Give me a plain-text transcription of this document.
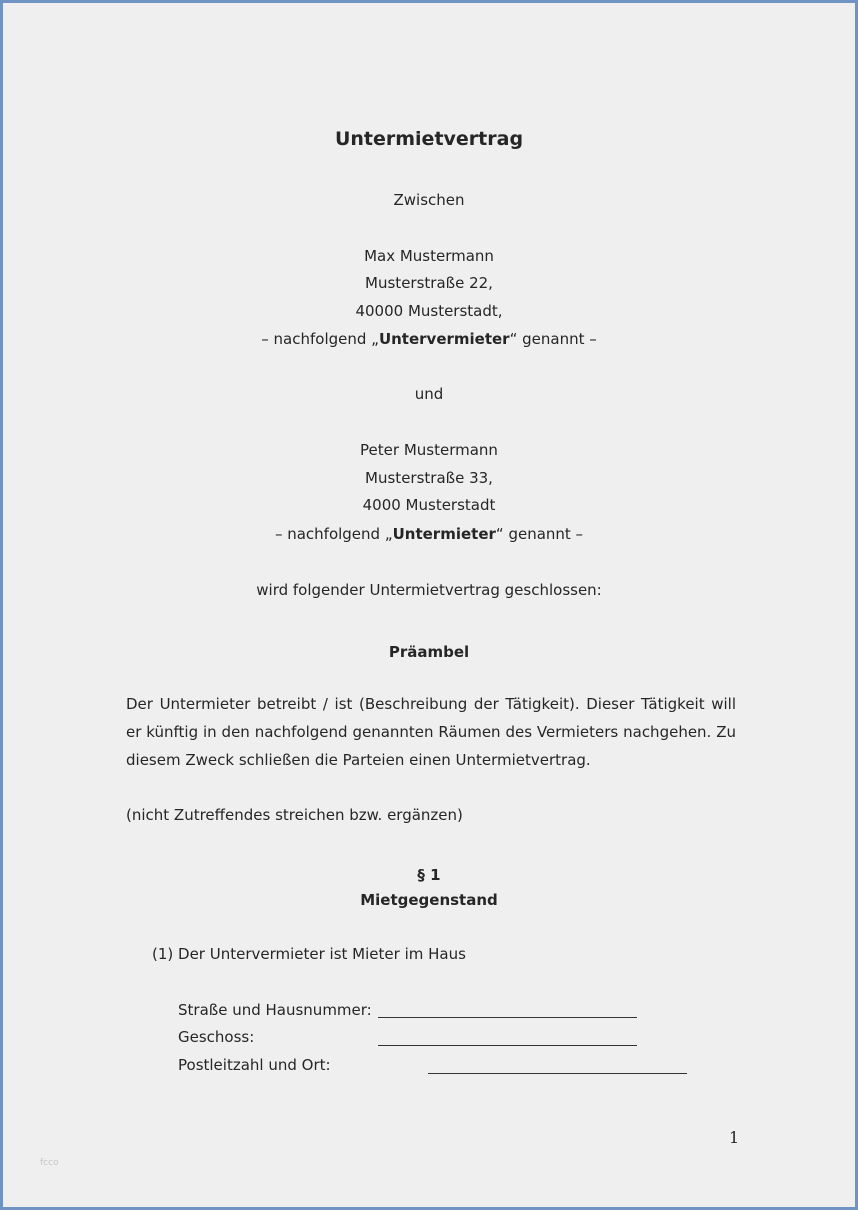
Untermietvertrag
Zwischen
Max Mustermann
Musterstraße 22,
40000 Musterstadt,
– nachfolgend „Untervermieter“ genannt –
und
Peter Mustermann
Musterstraße 33,
4000 Musterstadt
– nachfolgend „Untermieter“ genannt –
wird folgender Untermietvertrag geschlossen:
Präambel
Der Untermieter betreibt / ist (Beschreibung der Tätigkeit). Dieser Tätigkeit will er künftig in den nachfolgend genannten Räumen des Vermieters nachgehen. Zu diesem Zweck schließen die Parteien einen Untermietvertrag.
(nicht Zutreffendes streichen bzw. ergänzen)
§ 1
Mietgegenstand
(1) Der Untervermieter ist Mieter im Haus
Straße und Hausnummer:
Geschoss:
Postleitzahl und Ort:
1
fcco
